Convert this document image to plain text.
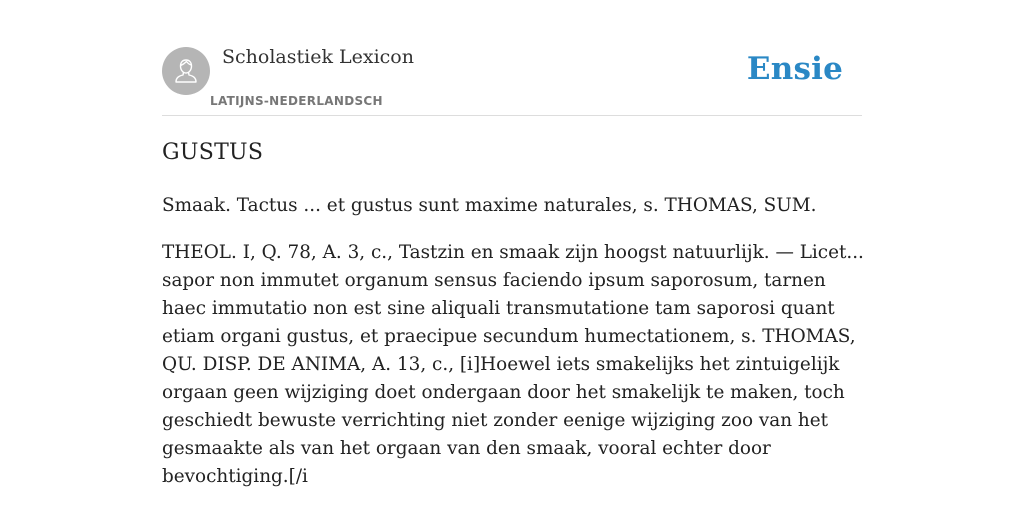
Scholastiek Lexicon
LATIJNS-NEDERLANDSCH
Ensie
GUSTUS

Smaak. Tactus ... et gustus sunt maxime naturales, s. THOMAS, SUM.

THEOL. I, Q. 78, A. 3, c., Tastzin en smaak zijn hoogst natuurlijk. — Licet... sapor non immutet organum sensus faciendo ipsum saporosum, tarnen haec immutatio non est sine aliquali transmutatione tam saporosi quant etiam organi gustus, et praecipue secundum humectationem, s. THOMAS, QU. DISP. DE ANIMA, A. 13, c., [i]Hoewel iets smakelijks het zintuigelijk orgaan geen wijziging doet ondergaan door het smakelijk te maken, toch geschiedt bewuste verrichting niet zonder eenige wijziging zoo van het gesmaakte als van het orgaan van den smaak, vooral echter door bevochtiging.[/i
